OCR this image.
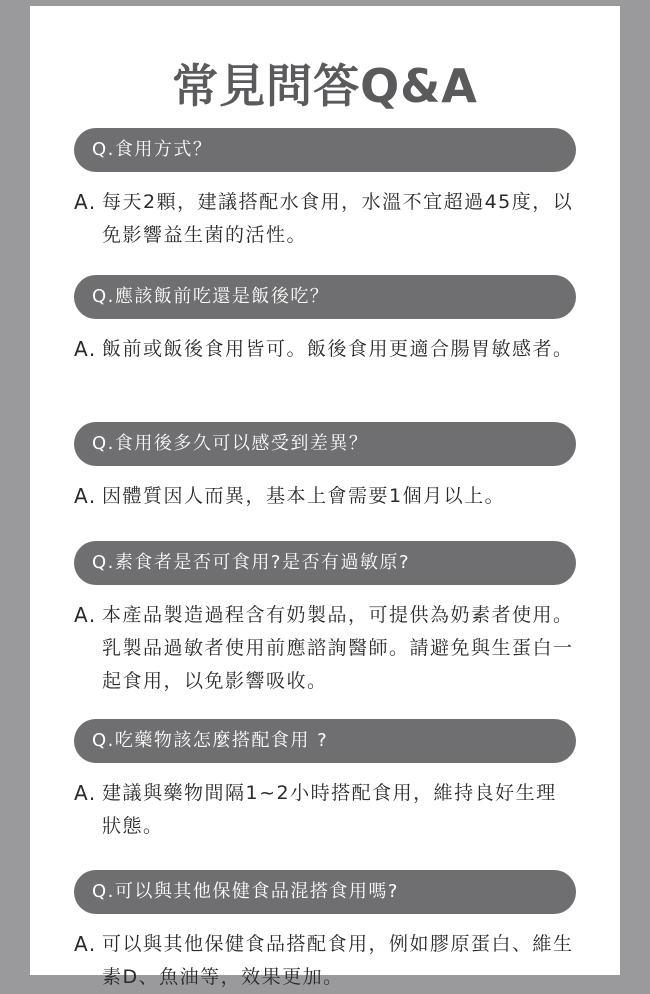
常見問答Q&A
Q.食用方式？
A. 每天2顆，建議搭配水食用，水溫不宜超過45度，以免影響益生菌的活性。
Q.應該飯前吃還是飯後吃？
A. 飯前或飯後食用皆可。飯後食用更適合腸胃敏感者。
Q.食用後多久可以感受到差異？
A. 因體質因人而異，基本上會需要1個月以上。
Q.素食者是否可食用?是否有過敏原?
A. 本產品製造過程含有奶製品，可提供為奶素者使用。乳製品過敏者使用前應諮詢醫師。請避免與生蛋白一起食用，以免影響吸收。
Q.吃藥物該怎麼搭配食用 ?
A. 建議與藥物間隔1~2小時搭配食用，維持良好生理狀態。
Q.可以與其他保健食品混搭食用嗎?
A. 可以與其他保健食品搭配食用，例如膠原蛋白、維生素D、魚油等，效果更加。
